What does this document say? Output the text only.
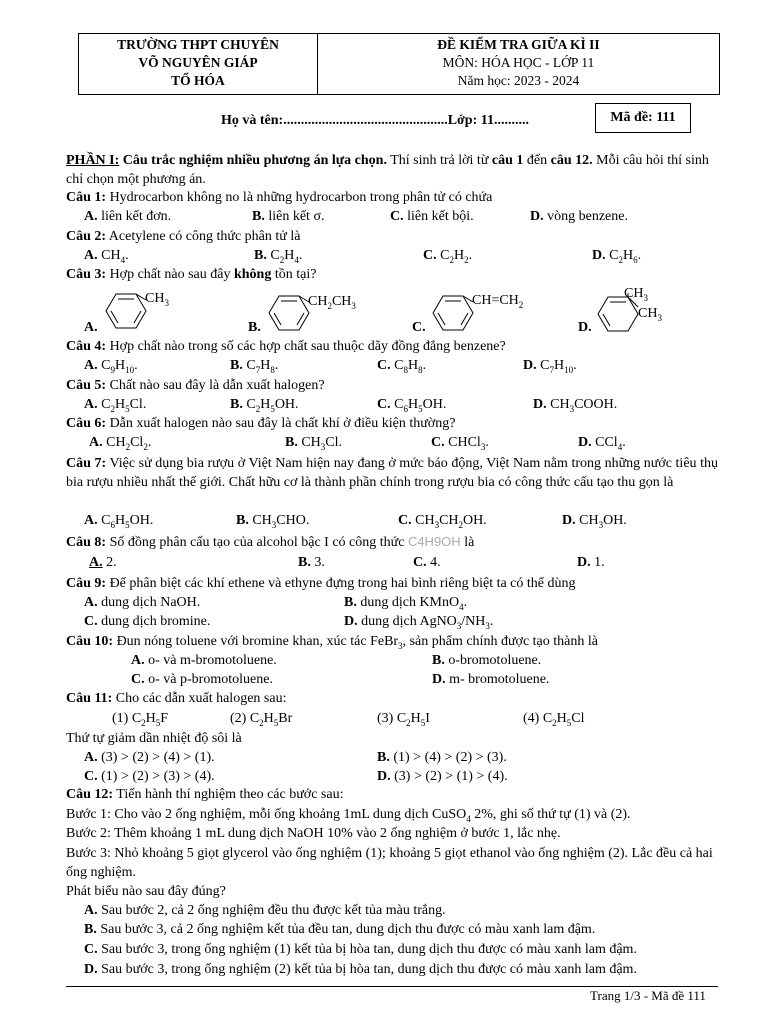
TRƯỜNG THPT CHUYÊN
VÕ NGUYÊN GIÁP
TỔ HÓA
ĐỀ KIỂM TRA GIỮA KÌ II
MÔN: HÓA HỌC - LỚP 11
Năm học: 2023 - 2024
Họ và tên:...............................................Lớp: 11..........	Mã đề: 111
PHẦN I: Câu trắc nghiệm nhiều phương án lựa chọn. Thí sinh trả lời từ câu 1 đến câu 12. Mỗi câu hỏi thí sinh chỉ chọn một phương án.
Câu 1: Hydrocarbon không no là những hydrocarbon trong phân tử có chứa
A. liên kết đơn.	B. liên kết σ.	C. liên kết bội.	D. vòng benzene.
Câu 2: Acetylene có công thức phân tử là
A. $CH_4$.	B. $C_2H_4$.	C. $C_2H_2$.	D. $C_2H_6$.
Câu 3: Hợp chất nào sau đây không tồn tại?
A.
$CH_3$
B.
$CH_2CH_3$
C.
$CH=CH_2$
D.
$CH_3$
$CH_3$
Câu 4: Hợp chất nào trong số các hợp chất sau thuộc dãy đồng đẳng benzene?
A. $C_9H_{10}$.	B. $C_7H_8$.	C. $C_8H_8$.	D. $C_7H_{10}$.
Câu 5: Chất nào sau đây là dẫn xuất halogen?
A. $C_2H_5Cl$.	B. $C_2H_5OH$.	C. $C_6H_5OH$.	D. $CH_3COOH$.
Câu 6: Dẫn xuất halogen nào sau đây là chất khí ở điều kiện thường?
A. $CH_2Cl_2$.	B. $CH_3Cl$.	C. CHCl$_3$.	D. CCl$_4$.
Câu 7: Việc sử dụng bia rượu ở Việt Nam hiện nay đang ở mức báo động, Việt Nam nằm trong những nước tiêu thụ bia rượu nhiều nhất thế giới. Chất hữu cơ là thành phần chính trong rượu bia có công thức cấu tạo thu gọn là
A. $C_6H_5OH$.	B. $CH_3CHO$.	C. $CH_3CH_2OH$.	D. $CH_3OH$.
Câu 8: Số đồng phân cấu tạo của alcohol bậc I có công thức C4H9OH là
A. 2.	B. 3.	C. 4.	D. 1.
Câu 9: Để phân biệt các khí ethene và ethyne đựng trong hai bình riêng biệt ta có thể dùng
A. dung dịch NaOH.	B. dung dịch KMnO$_4$.
C. dung dịch bromine.	D. dung dịch $AgNO_3/NH_3$.
Câu 10: Đun nóng toluene với bromine khan, xúc tác FeBr$_3$, sản phẩm chính được tạo thành là
A. o- và m-bromotoluene.	B. o-bromotoluene.
C. o- và p-bromotoluene.	D. m- bromotoluene.
Câu 11: Cho các dẫn xuất halogen sau:
(1) $C_2H_5F$	(2) $C_2H_5Br$	(3) $C_2H_5I$	(4) $C_2H_5Cl$
Thứ tự giảm dần nhiệt độ sôi là
A. (3) > (2) > (4) > (1).	B. (1) > (4) > (2) > (3).
C. (1) > (2) > (3) > (4).	D. (3) > (2) > (1) > (4).
Câu 12: Tiến hành thí nghiệm theo các bước sau:
Bước 1: Cho vào 2 ống nghiệm, mỗi ống khoảng 1mL dung dịch CuSO$_4$ 2%, ghi số thứ tự (1) và (2).
Bước 2: Thêm khoảng 1 mL dung dịch NaOH 10% vào 2 ống nghiệm ở bước 1, lắc nhẹ.
Bước 3: Nhỏ khoảng 5 giọt glycerol vào ống nghiệm (1); khoảng 5 giọt ethanol vào ống nghiệm (2). Lắc đều cả hai ống nghiệm.
Phát biểu nào sau đây đúng?
A. Sau bước 2, cả 2 ống nghiệm đều thu được kết tủa màu trắng.
B. Sau bước 3, cả 2 ống nghiệm kết tủa đều tan, dung dịch thu được có màu xanh lam đậm.
C. Sau bước 3, trong ống nghiệm (1) kết tủa bị hòa tan, dung dịch thu được có màu xanh lam đậm.
D. Sau bước 3, trong ống nghiệm (2) kết tủa bị hòa tan, dung dịch thu được có màu xanh lam đậm.
Trang 1/3 - Mã đề 111
